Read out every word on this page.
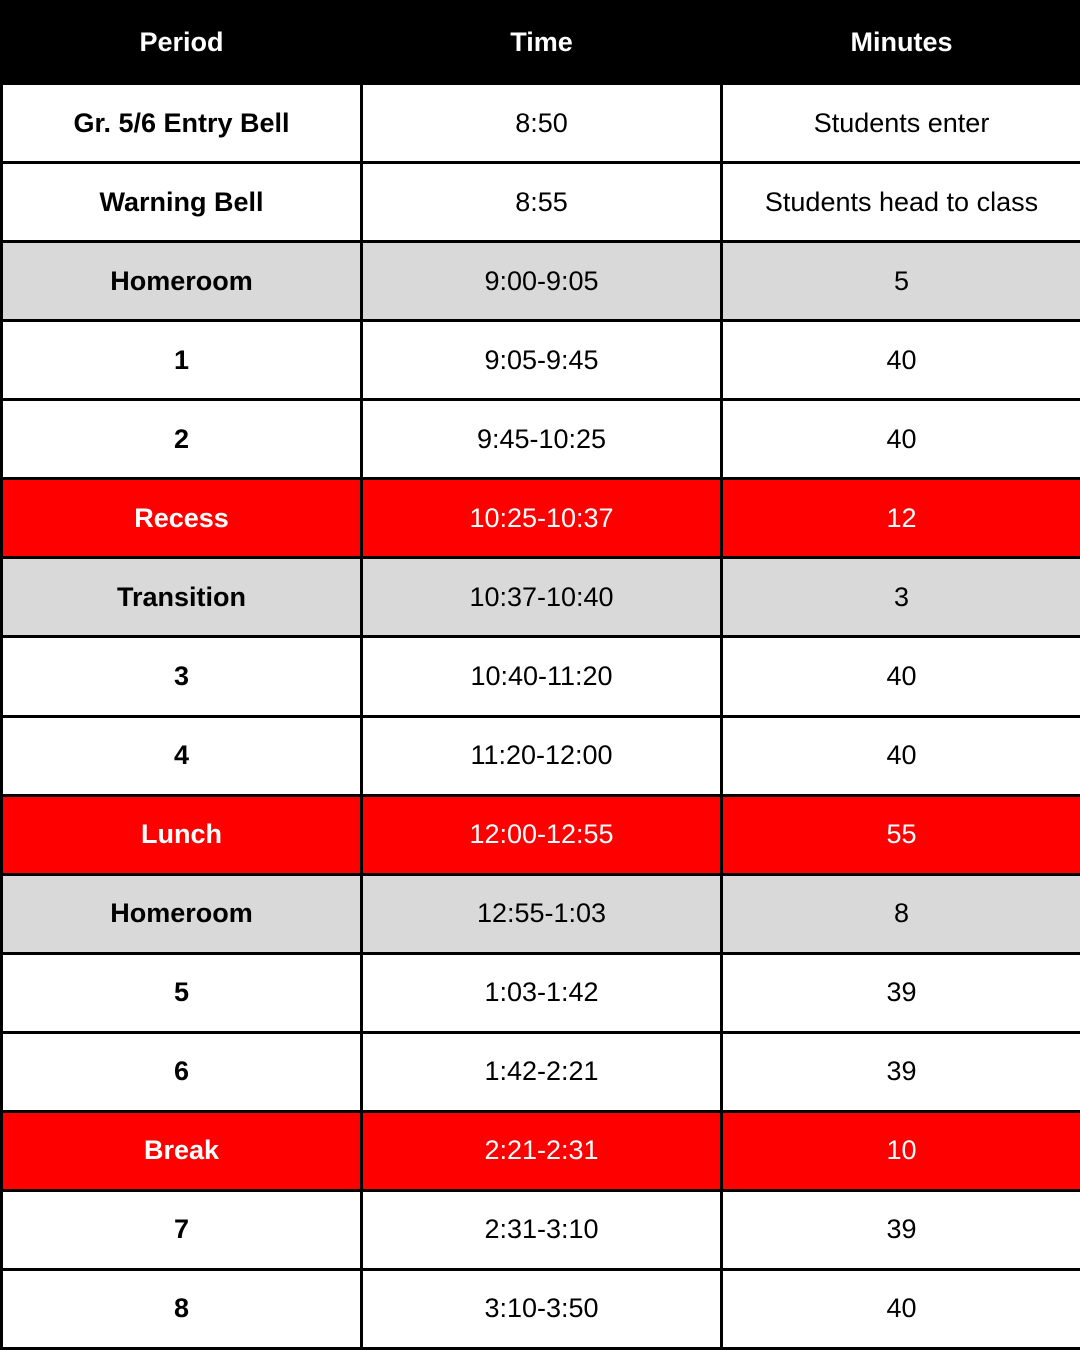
Period	Time	Minutes
Gr. 5/6 Entry Bell	8:50	Students enter
Warning Bell	8:55	Students head to class
Homeroom	9:00-9:05	5
1	9:05-9:45	40
2	9:45-10:25	40
Recess	10:25-10:37	12
Transition	10:37-10:40	3
3	10:40-11:20	40
4	11:20-12:00	40
Lunch	12:00-12:55	55
Homeroom	12:55-1:03	8
5	1:03-1:42	39
6	1:42-2:21	39
Break	2:21-2:31	10
7	2:31-3:10	39
8	3:10-3:50	40
